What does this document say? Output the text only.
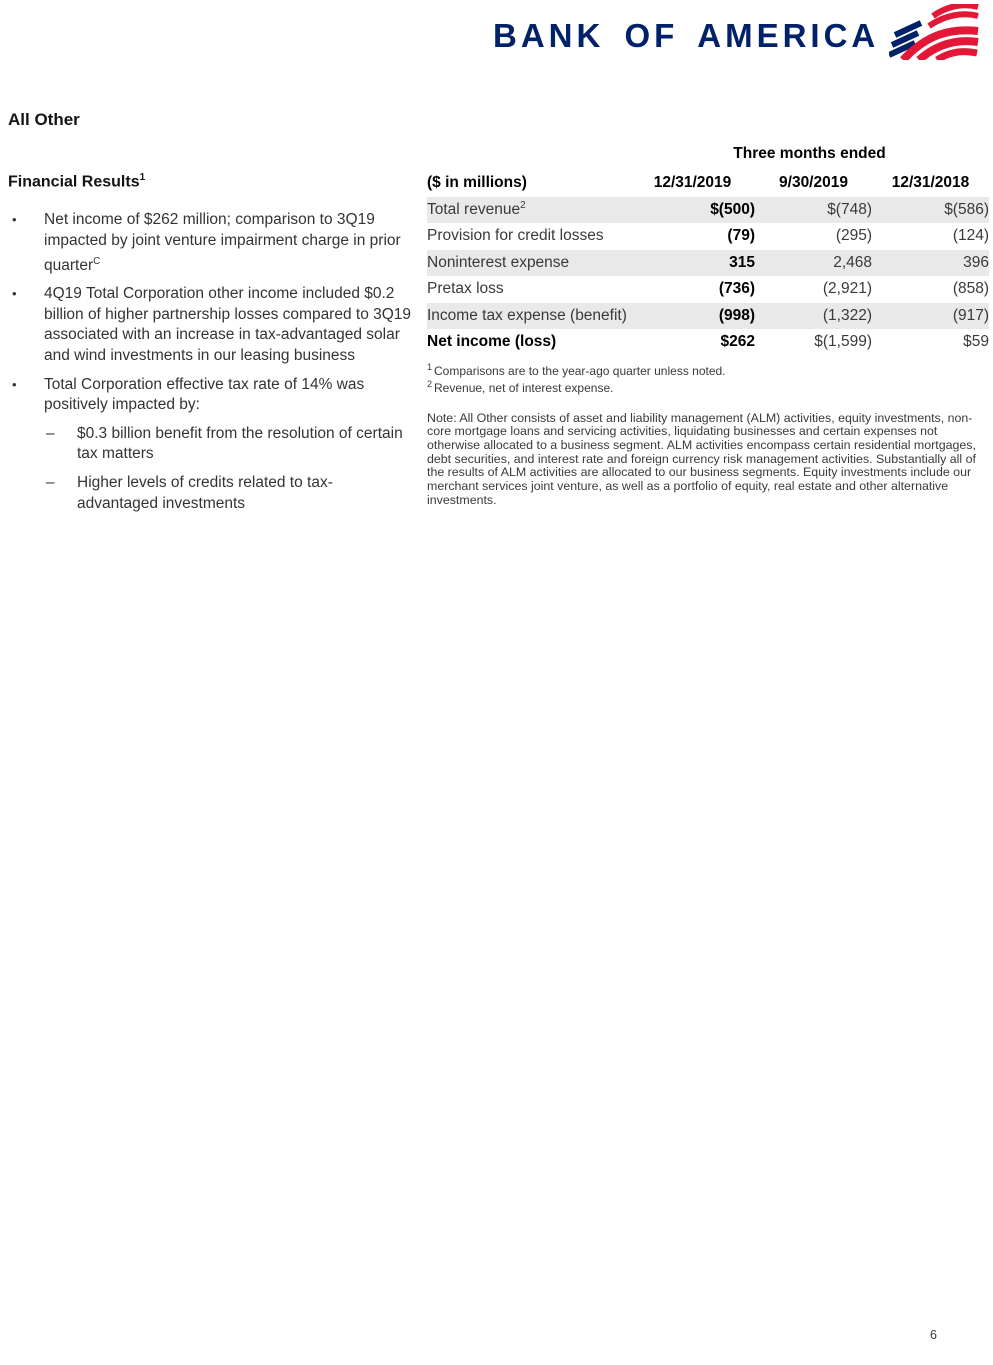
BANK OF AMERICA
All Other

Financial Results$^1$

•	Net income of $262 million; comparison to 3Q19 impacted by joint venture impairment charge in prior quarter$^C$
•	4Q19 Total Corporation other income included $0.2 billion of higher partnership losses compared to 3Q19 associated with an increase in tax-advantaged solar and wind investments in our leasing business
•	Total Corporation effective tax rate of 14% was positively impacted by:
–	$0.3 billion benefit from the resolution of certain tax matters
–	Higher levels of credits related to tax-advantaged investments
Three months ended
($ in millions)	12/31/2019	9/30/2019	12/31/2018
Total revenue$^2$	$(500)	$(748)	$(586)
Provision for credit losses	(79)	(295)	(124)
Noninterest expense	315	2,468	396
Pretax loss	(736)	(2,921)	(858)
Income tax expense (benefit)	(998)	(1,322)	(917)
Net income (loss)	$262	$(1,599)	$59
$^1$ Comparisons are to the year-ago quarter unless noted.
$^2$ Revenue, net of interest expense.
Note: All Other consists of asset and liability management (ALM) activities, equity investments, non-core mortgage loans and servicing activities, liquidating businesses and certain expenses not otherwise allocated to a business segment. ALM activities encompass certain residential mortgages, debt securities, and interest rate and foreign currency risk management activities. Substantially all of the results of ALM activities are allocated to our business segments. Equity investments include our merchant services joint venture, as well as a portfolio of equity, real estate and other alternative investments.
6
